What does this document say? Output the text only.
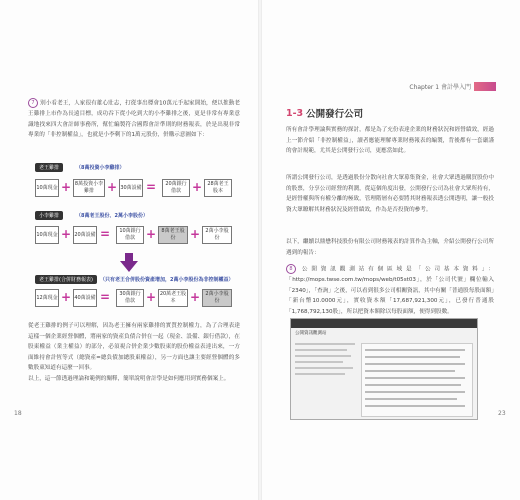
7 別小看老王，人家很有雄心壯志，打從事出標會10萬元手起家開始，便以推動老王雞排上市作為長遠目標，成功吞下從小吃到大的小李雞排之後，更是非常有專業意識地找來四大會計師事務所，幫忙編製符合國際會計準則的財務報表，於是出現非常專業的「非控制權益」，也就是小李剩下的1萬元股份，併購示意圖如下：
老王雞排	（8萬投資小李雞排）
10萬現金 + 8萬投資小李雞排	+ 30萬設備 =	20萬銀行借款 +	28萬老王股本
小李雞排	（8萬老王股份、2萬小李股份）
10萬現金 + 20萬設備 =	10萬銀行借款 +	8萬老王股份	+	2萬小李股份
老王雞排(合併財務報表)	（只有老王合併股份資產增加，2萬小李股份為非控制權益）
12萬現金 + 40萬設備 =	30萬銀行借款 + 20萬老王股本	+	2萬小李股份
從老王雞排的例子可以理解，因為老王擁有兩家雞排的實質控制權力，為了合理表達這樣一個企業經營個體，將兩家的資產負債合併在一起（現金、設備、銀行借款），在股東權益（業主權益）的部分，必須視合併企業少數股東的股份權益表達出來，一方面維持會計恆等式（總資產=總負債加總股東權益），另一方面也讓主要經營個體的多數股東知道有這麼一回事。
以上，這一節透過理論和範例的闡釋，簡單說明會計學是如何應用到實務個案上。
18
Chapter 1 會計學入門
1-3 公開發行公司
所有會計學理論與實務的探討，都是為了充份表達企業的財務狀況和經營績效，經過上一節介紹「非控制權益」，讀者應能理解專業財務報表的編製，背後都有一套嚴謹的會計規範，尤其是公開發行公司，更應當如此。
所謂公開發行公司，是透過股份分散向社會大眾募集資金，社會大眾透過購買股份中的股票，分享公司經營的利潤，從這個角度出發，公開發行公司為社會大眾所持有，是經營權與所有權分離的極致，管理階層有必要將其財務報表透公開透明，讓一般投資大眾瞭解其財務狀況及經營績效，作為是否投資的參考。
以下，繼續以鼎懋科技股份有限公司財務報表的計算作為主軸，介紹公開發行公司所遇到的報告：
8 公開資訊觀測站有個區域是「公司基本資料」：「http://mops.twse.com.tw/mops/web/t05st03」，於「公司代號」欄位輸入「2340」，「查詢」之後，可以看到很多公司相關資訊，其中有關「普通股每股面額」「新台幣10.0000元」，實收資本額「17,687,921,300元」，已發行普通股「1,768,792,130股」，所以把資本額除以每股面額，便得到股數。
公開資訊觀測站
23
